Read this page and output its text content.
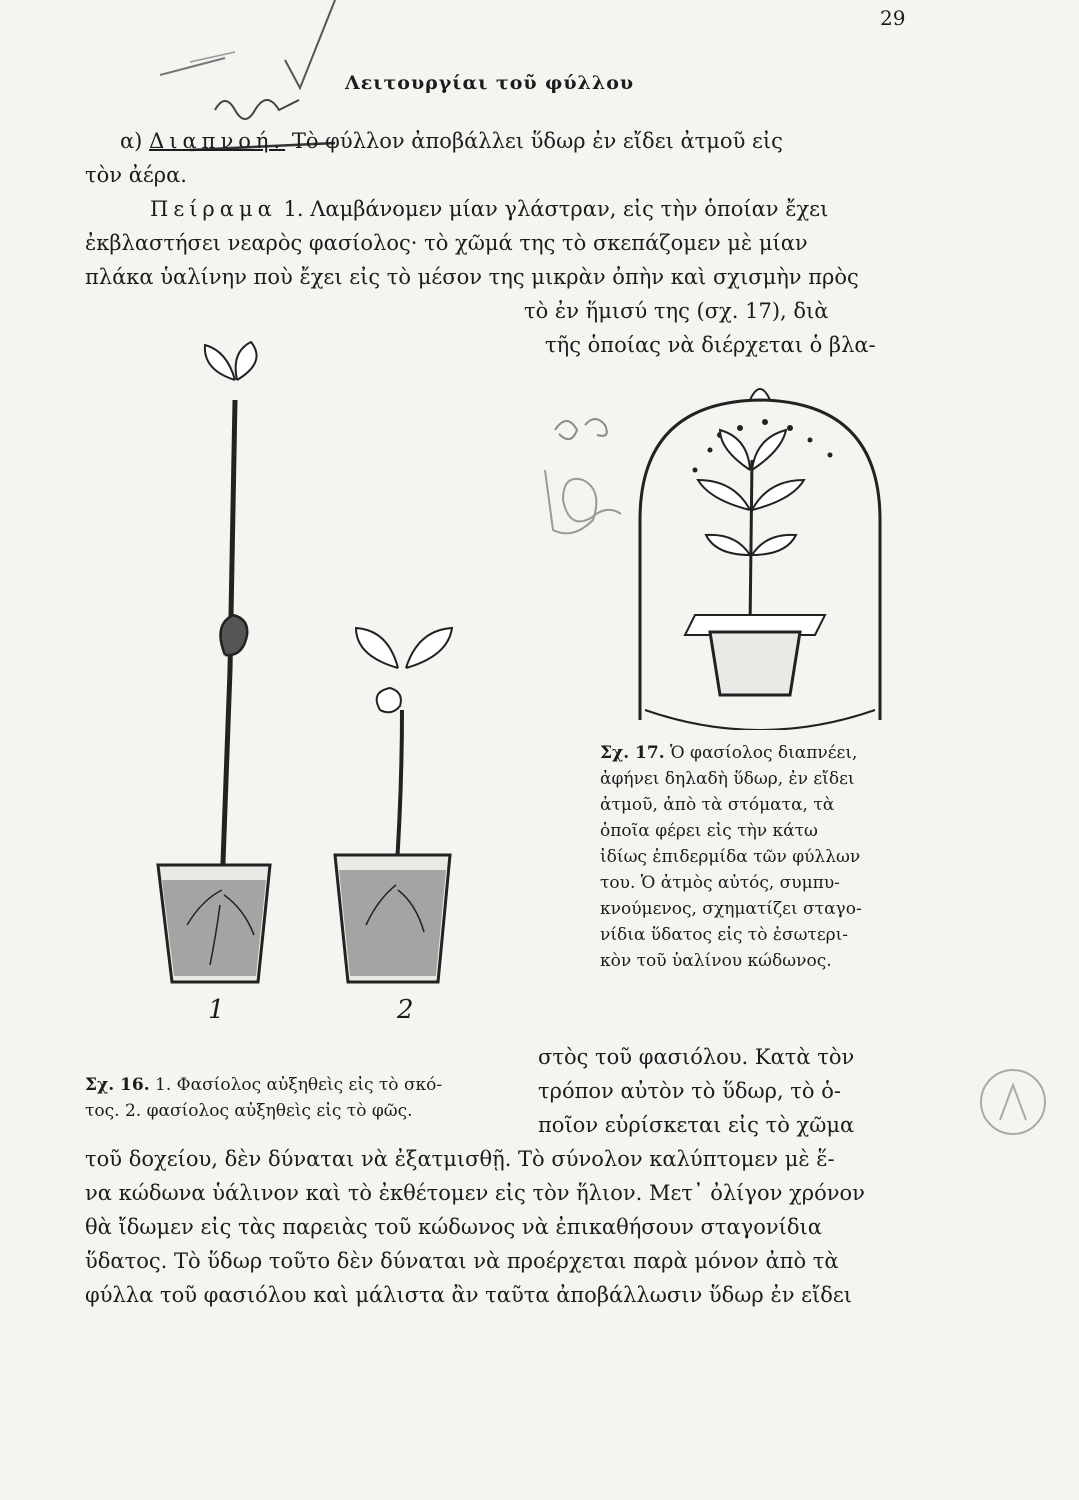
29
Λειτουργίαι τοῦ φύλλου
α) Διαπνοή. Τὸ φύλλον ἀποβάλλει ὕδωρ ἐν εἴδει ἀτμοῦ εἰς
τὸν ἀέρα.
Πείραμα 1. Λαμβάνομεν μίαν γλάστραν, εἰς τὴν ὁποίαν ἔχει
ἐκβλαστήσει νεαρὸς φασίολος· τὸ χῶμά της τὸ σκεπάζομεν μὲ μίαν
πλάκα ὑαλίνην ποὺ ἔχει εἰς τὸ μέσον της μικρὰν ὀπὴν καὶ σχισμὴν πρὸς
τὸ ἐν ἥμισύ της (σχ. 17), διὰ
τῆς ὁποίας νὰ διέρχεται ὁ βλα-
1	2
Σχ. 17. Ὁ φασίολος διαπνέει,
ἀφήνει δηλαδὴ ὕδωρ, ἐν εἴδει
ἀτμοῦ, ἀπὸ τὰ στόματα, τὰ
ὁποῖα φέρει εἰς τὴν κάτω
ἰδίως ἐπιδερμίδα τῶν φύλλων
του. Ὁ ἀτμὸς αὐτός, συμπυ-
κνούμενος, σχηματίζει σταγο-
νίδια ὕδατος εἰς τὸ ἐσωτερι-
κὸν τοῦ ὑαλίνου κώδωνος.
Σχ. 16. 1. Φασίολος αὐξηθεὶς εἰς τὸ σκό-
τος. 2. φασίολος αὐξηθεὶς εἰς τὸ φῶς.
στὸς τοῦ φασιόλου. Κατὰ τὸν
τρόπον αὐτὸν τὸ ὕδωρ, τὸ ὁ-
ποῖον εὑρίσκεται εἰς τὸ χῶμα
τοῦ δοχείου, δὲν δύναται νὰ ἐξατμισθῇ. Τὸ σύνολον καλύπτομεν μὲ ἕ-
να κώδωνα ὑάλινον καὶ τὸ ἐκθέτομεν εἰς τὸν ἥλιον. Μετ᾽ ὀλίγον χρόνον
θὰ ἴδωμεν εἰς τὰς παρειὰς τοῦ κώδωνος νὰ ἐπικαθήσουν σταγονίδια
ὕδατος. Τὸ ὕδωρ τοῦτο δὲν δύναται νὰ προέρχεται παρὰ μόνον ἀπὸ τὰ
φύλλα τοῦ φασιόλου καὶ μάλιστα ἂν ταῦτα ἀποβάλλωσιν ὕδωρ ἐν εἴδει
